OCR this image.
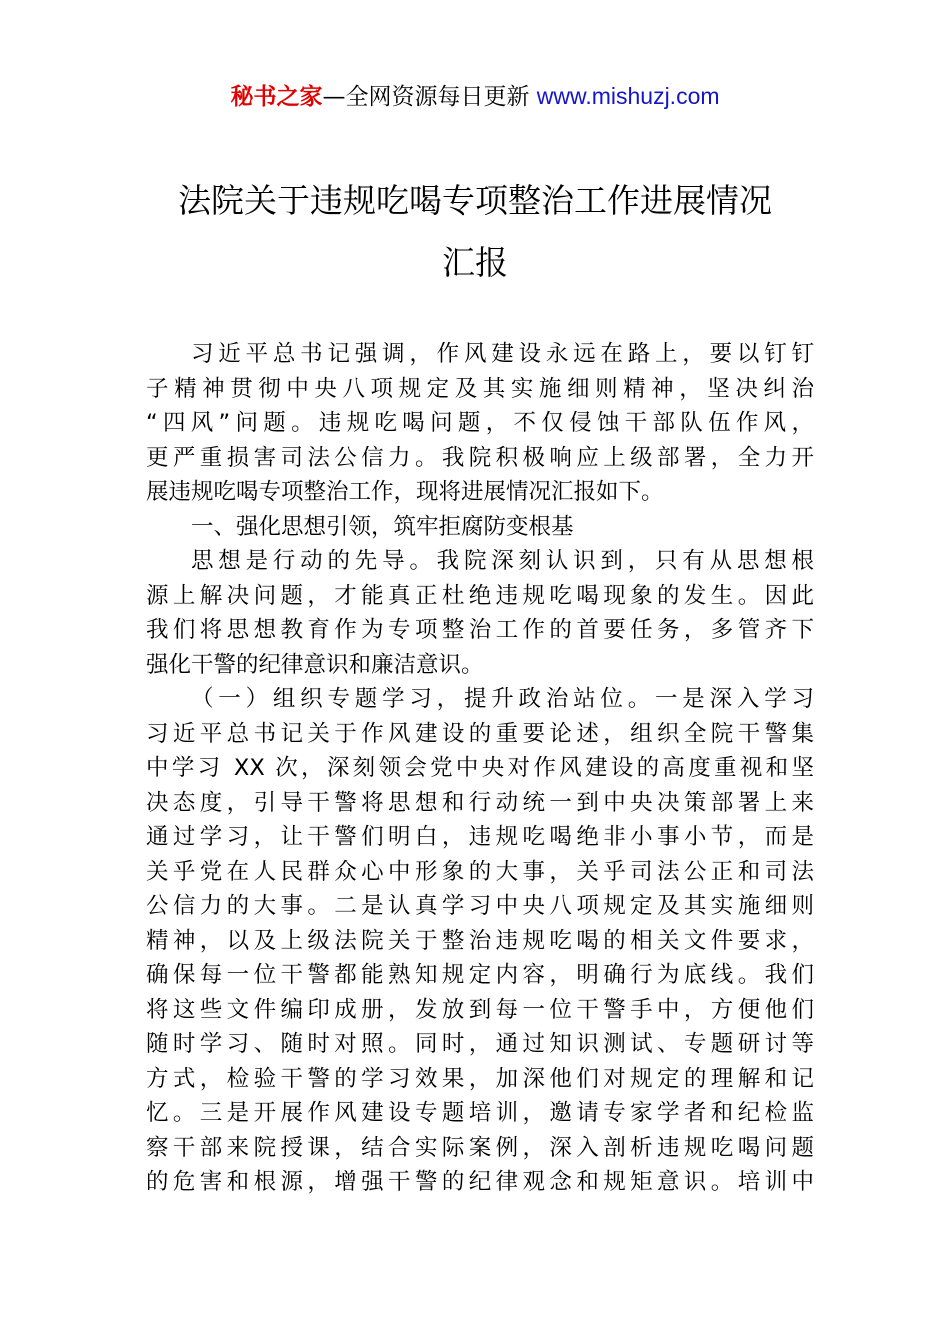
秘书之家—全网资源每日更新 www.mishuzj.com
法院关于违规吃喝专项整治工作进展情况
汇报
习近平总书记强调，作风建设永远在路上，要以钉钉
子精神贯彻中央八项规定及其实施细则精神，坚决纠治
“四风”问题。违规吃喝问题，不仅侵蚀干部队伍作风，
更严重损害司法公信力。我院积极响应上级部署，全力开
展违规吃喝专项整治工作，现将进展情况汇报如下。
一、强化思想引领，筑牢拒腐防变根基
思想是行动的先导。我院深刻认识到，只有从思想根
源上解决问题，才能真正杜绝违规吃喝现象的发生。因此
我们将思想教育作为专项整治工作的首要任务，多管齐下
强化干警的纪律意识和廉洁意识。
（一）组织专题学习，提升政治站位。一是深入学习
习近平总书记关于作风建设的重要论述，组织全院干警集
中学习 XX 次，深刻领会党中央对作风建设的高度重视和坚
决态度，引导干警将思想和行动统一到中央决策部署上来
通过学习，让干警们明白，违规吃喝绝非小事小节，而是
关乎党在人民群众心中形象的大事，关乎司法公正和司法
公信力的大事。二是认真学习中央八项规定及其实施细则
精神，以及上级法院关于整治违规吃喝的相关文件要求，
确保每一位干警都能熟知规定内容，明确行为底线。我们
将这些文件编印成册，发放到每一位干警手中，方便他们
随时学习、随时对照。同时，通过知识测试、专题研讨等
方式，检验干警的学习效果，加深他们对规定的理解和记
忆。三是开展作风建设专题培训，邀请专家学者和纪检监
察干部来院授课，结合实际案例，深入剖析违规吃喝问题
的危害和根源，增强干警的纪律观念和规矩意识。培训中
